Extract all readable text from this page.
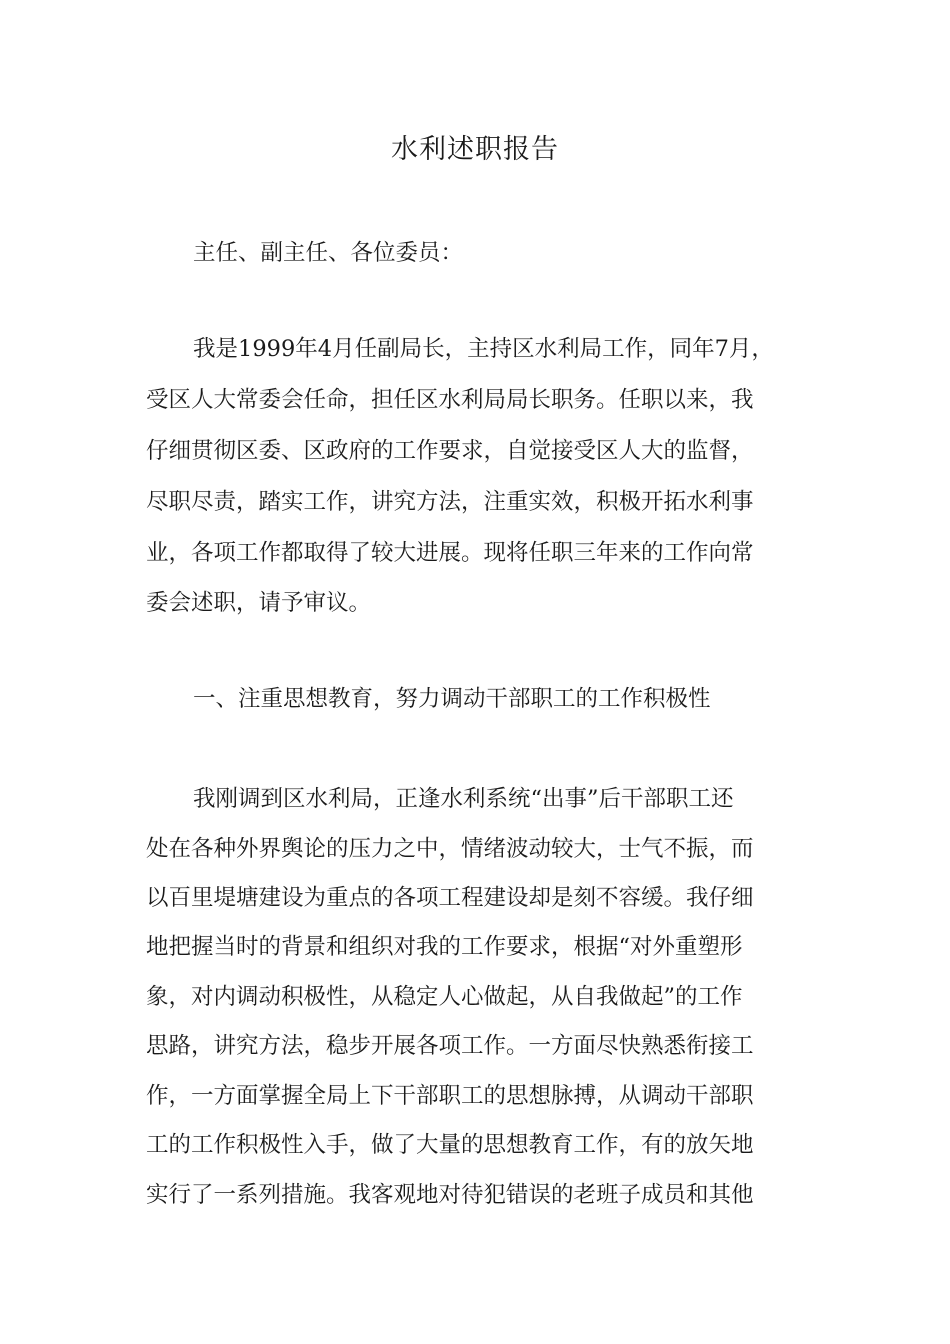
水利述职报告
主任、副主任、各位委员：
我是1999年4月任副局长，主持区水利局工作，同年7月，
受区人大常委会任命，担任区水利局局长职务。任职以来，我
仔细贯彻区委、区政府的工作要求，自觉接受区人大的监督，
尽职尽责，踏实工作，讲究方法，注重实效，积极开拓水利事
业，各项工作都取得了较大进展。现将任职三年来的工作向常
委会述职，请予审议。
一、注重思想教育，努力调动干部职工的工作积极性
我刚调到区水利局，正逢水利系统“出事”后干部职工还
处在各种外界舆论的压力之中，情绪波动较大，士气不振，而
以百里堤塘建设为重点的各项工程建设却是刻不容缓。我仔细
地把握当时的背景和组织对我的工作要求，根据“对外重塑形
象，对内调动积极性，从稳定人心做起，从自我做起”的工作
思路，讲究方法，稳步开展各项工作。一方面尽快熟悉衔接工
作，一方面掌握全局上下干部职工的思想脉搏，从调动干部职
工的工作积极性入手，做了大量的思想教育工作，有的放矢地
实行了一系列措施。我客观地对待犯错误的老班子成员和其他
